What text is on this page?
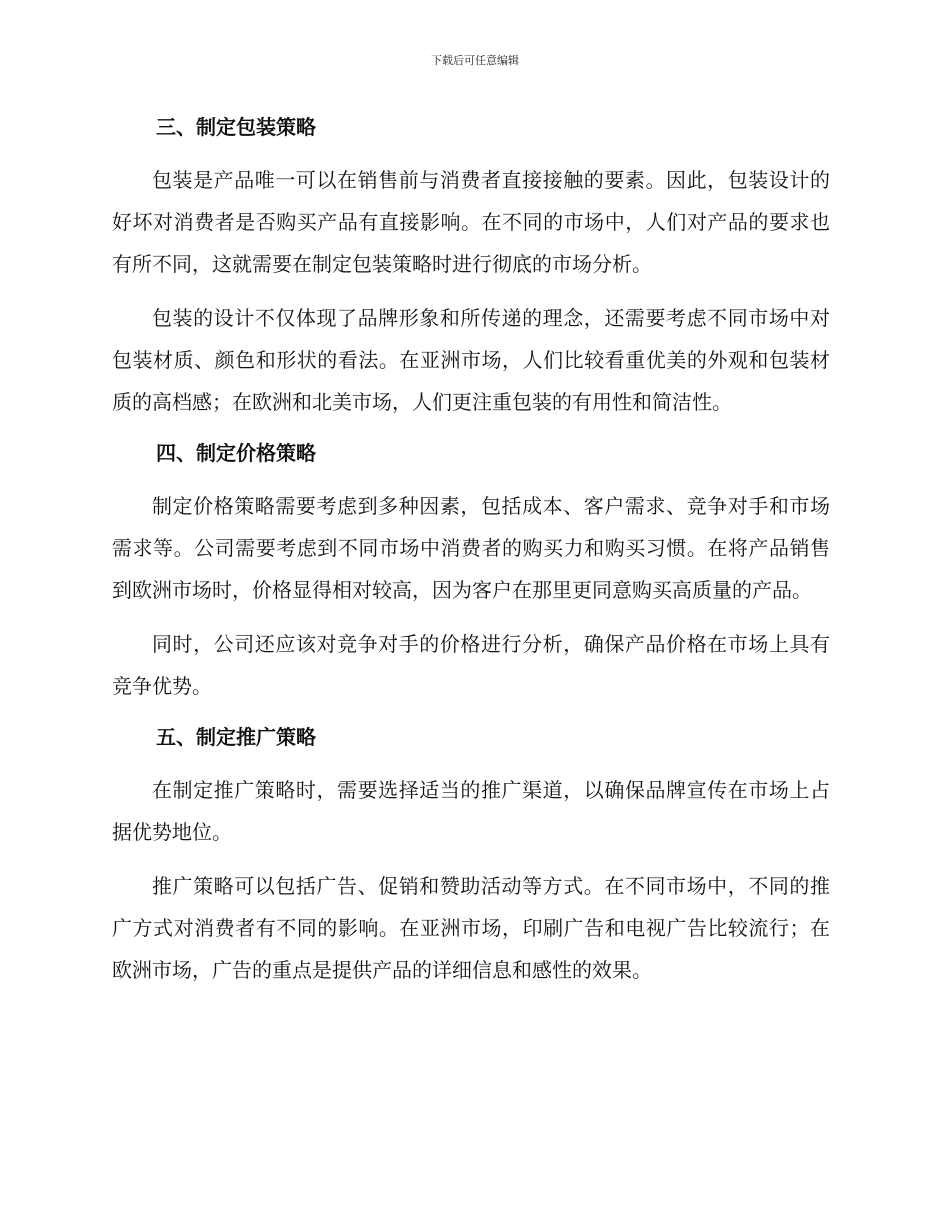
下载后可任意编辑
三、制定包装策略

包装是产品唯一可以在销售前与消费者直接接触的要素。因此，包装设计的好坏对消费者是否购买产品有直接影响。在不同的市场中，人们对产品的要求也有所不同，这就需要在制定包装策略时进行彻底的市场分析。

包装的设计不仅体现了品牌形象和所传递的理念，还需要考虑不同市场中对包装材质、颜色和形状的看法。在亚洲市场，人们比较看重优美的外观和包装材质的高档感；在欧洲和北美市场，人们更注重包装的有用性和简洁性。

四、制定价格策略

制定价格策略需要考虑到多种因素，包括成本、客户需求、竞争对手和市场需求等。公司需要考虑到不同市场中消费者的购买力和购买习惯。在将产品销售到欧洲市场时，价格显得相对较高，因为客户在那里更同意购买高质量的产品。

同时，公司还应该对竞争对手的价格进行分析，确保产品价格在市场上具有竞争优势。

五、制定推广策略

在制定推广策略时，需要选择适当的推广渠道，以确保品牌宣传在市场上占据优势地位。

推广策略可以包括广告、促销和赞助活动等方式。在不同市场中，不同的推广方式对消费者有不同的影响。在亚洲市场，印刷广告和电视广告比较流行；在欧洲市场，广告的重点是提供产品的详细信息和感性的效果。
